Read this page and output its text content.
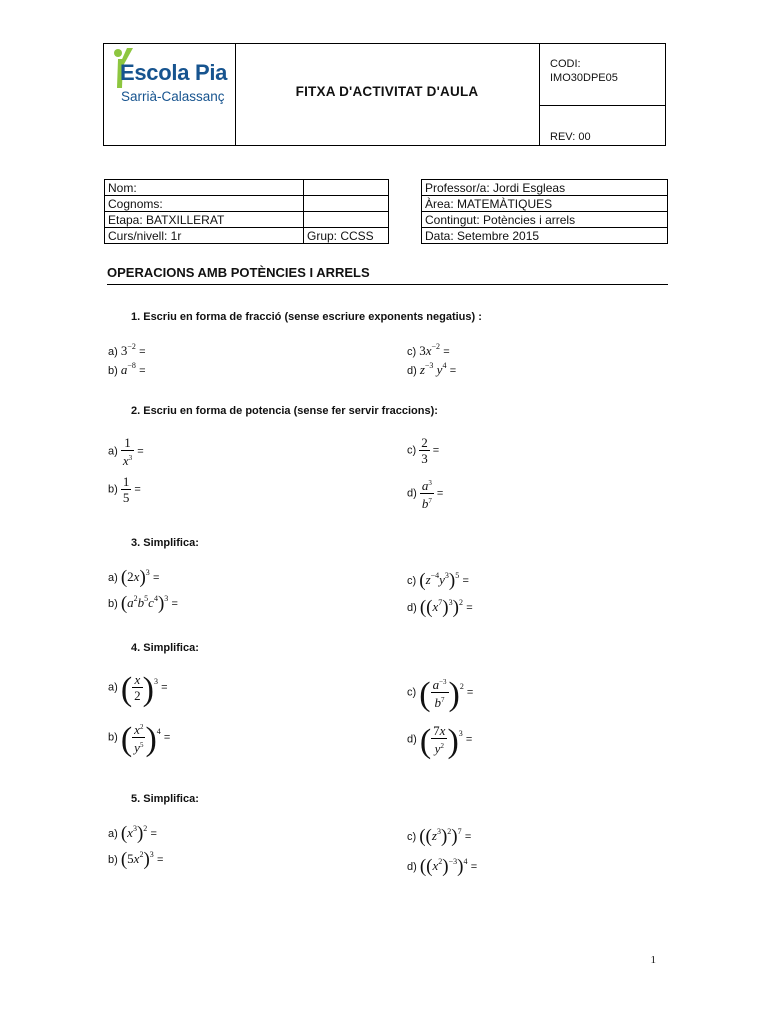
Escola Pia
Sarrià-Calassanç	FITXA D'ACTIVITAT D'AULA
CODI:
IMO30DPE05
REV: 00
Nom:	
Cognoms:	
Etapa: BATXILLERAT	
Curs/nivell: 1r	Grup: CCSS
Professor/a: Jordi Esgleas
Àrea: MATEMÀTIQUES
Contingut: Potències i arrels
Data: Setembre 2015
OPERACIONS AMB POTÈNCIES I ARRELS
1. Escriu en forma de fracció (sense escriure exponents negatius) :
a) $3^{-2}$ =
b) $a^{-8}$ =
c) $3x^{-2}$ =
d) $z^{-3}$ $y^4$ =
2. Escriu en forma de potencia (sense fer servir fraccions):
$a) \frac{1}{x^3}$ =
$b) \frac{1}{5}$ =
$c) \frac{2}{3}$ =
$d) \frac{a^3}{b^7}$ =
3. Simplifica:
a) $(2x)^3$ =
b) $(a^2b^5c^4)^3$ =
c) $(z^{-4}y^3)^5$ =
d) $((x^7)^3)^2$ =
4. Simplifica:
a) ( $\frac{x}{2} )^3$ =
b) ( $\frac{x^2}{y^5} )^4$ =
c) ( $\frac{a^{-3}}{b^7} )^2$ =
d) ( $\frac{7x}{y^2} )^3$ =
5. Simplifica:
a) $(x^3)^2$ =
b) $(5x^2)^3$ =
c) $((z^3)^2)^7$ =
d) $((x^2)^{-3})^4$ =
1
